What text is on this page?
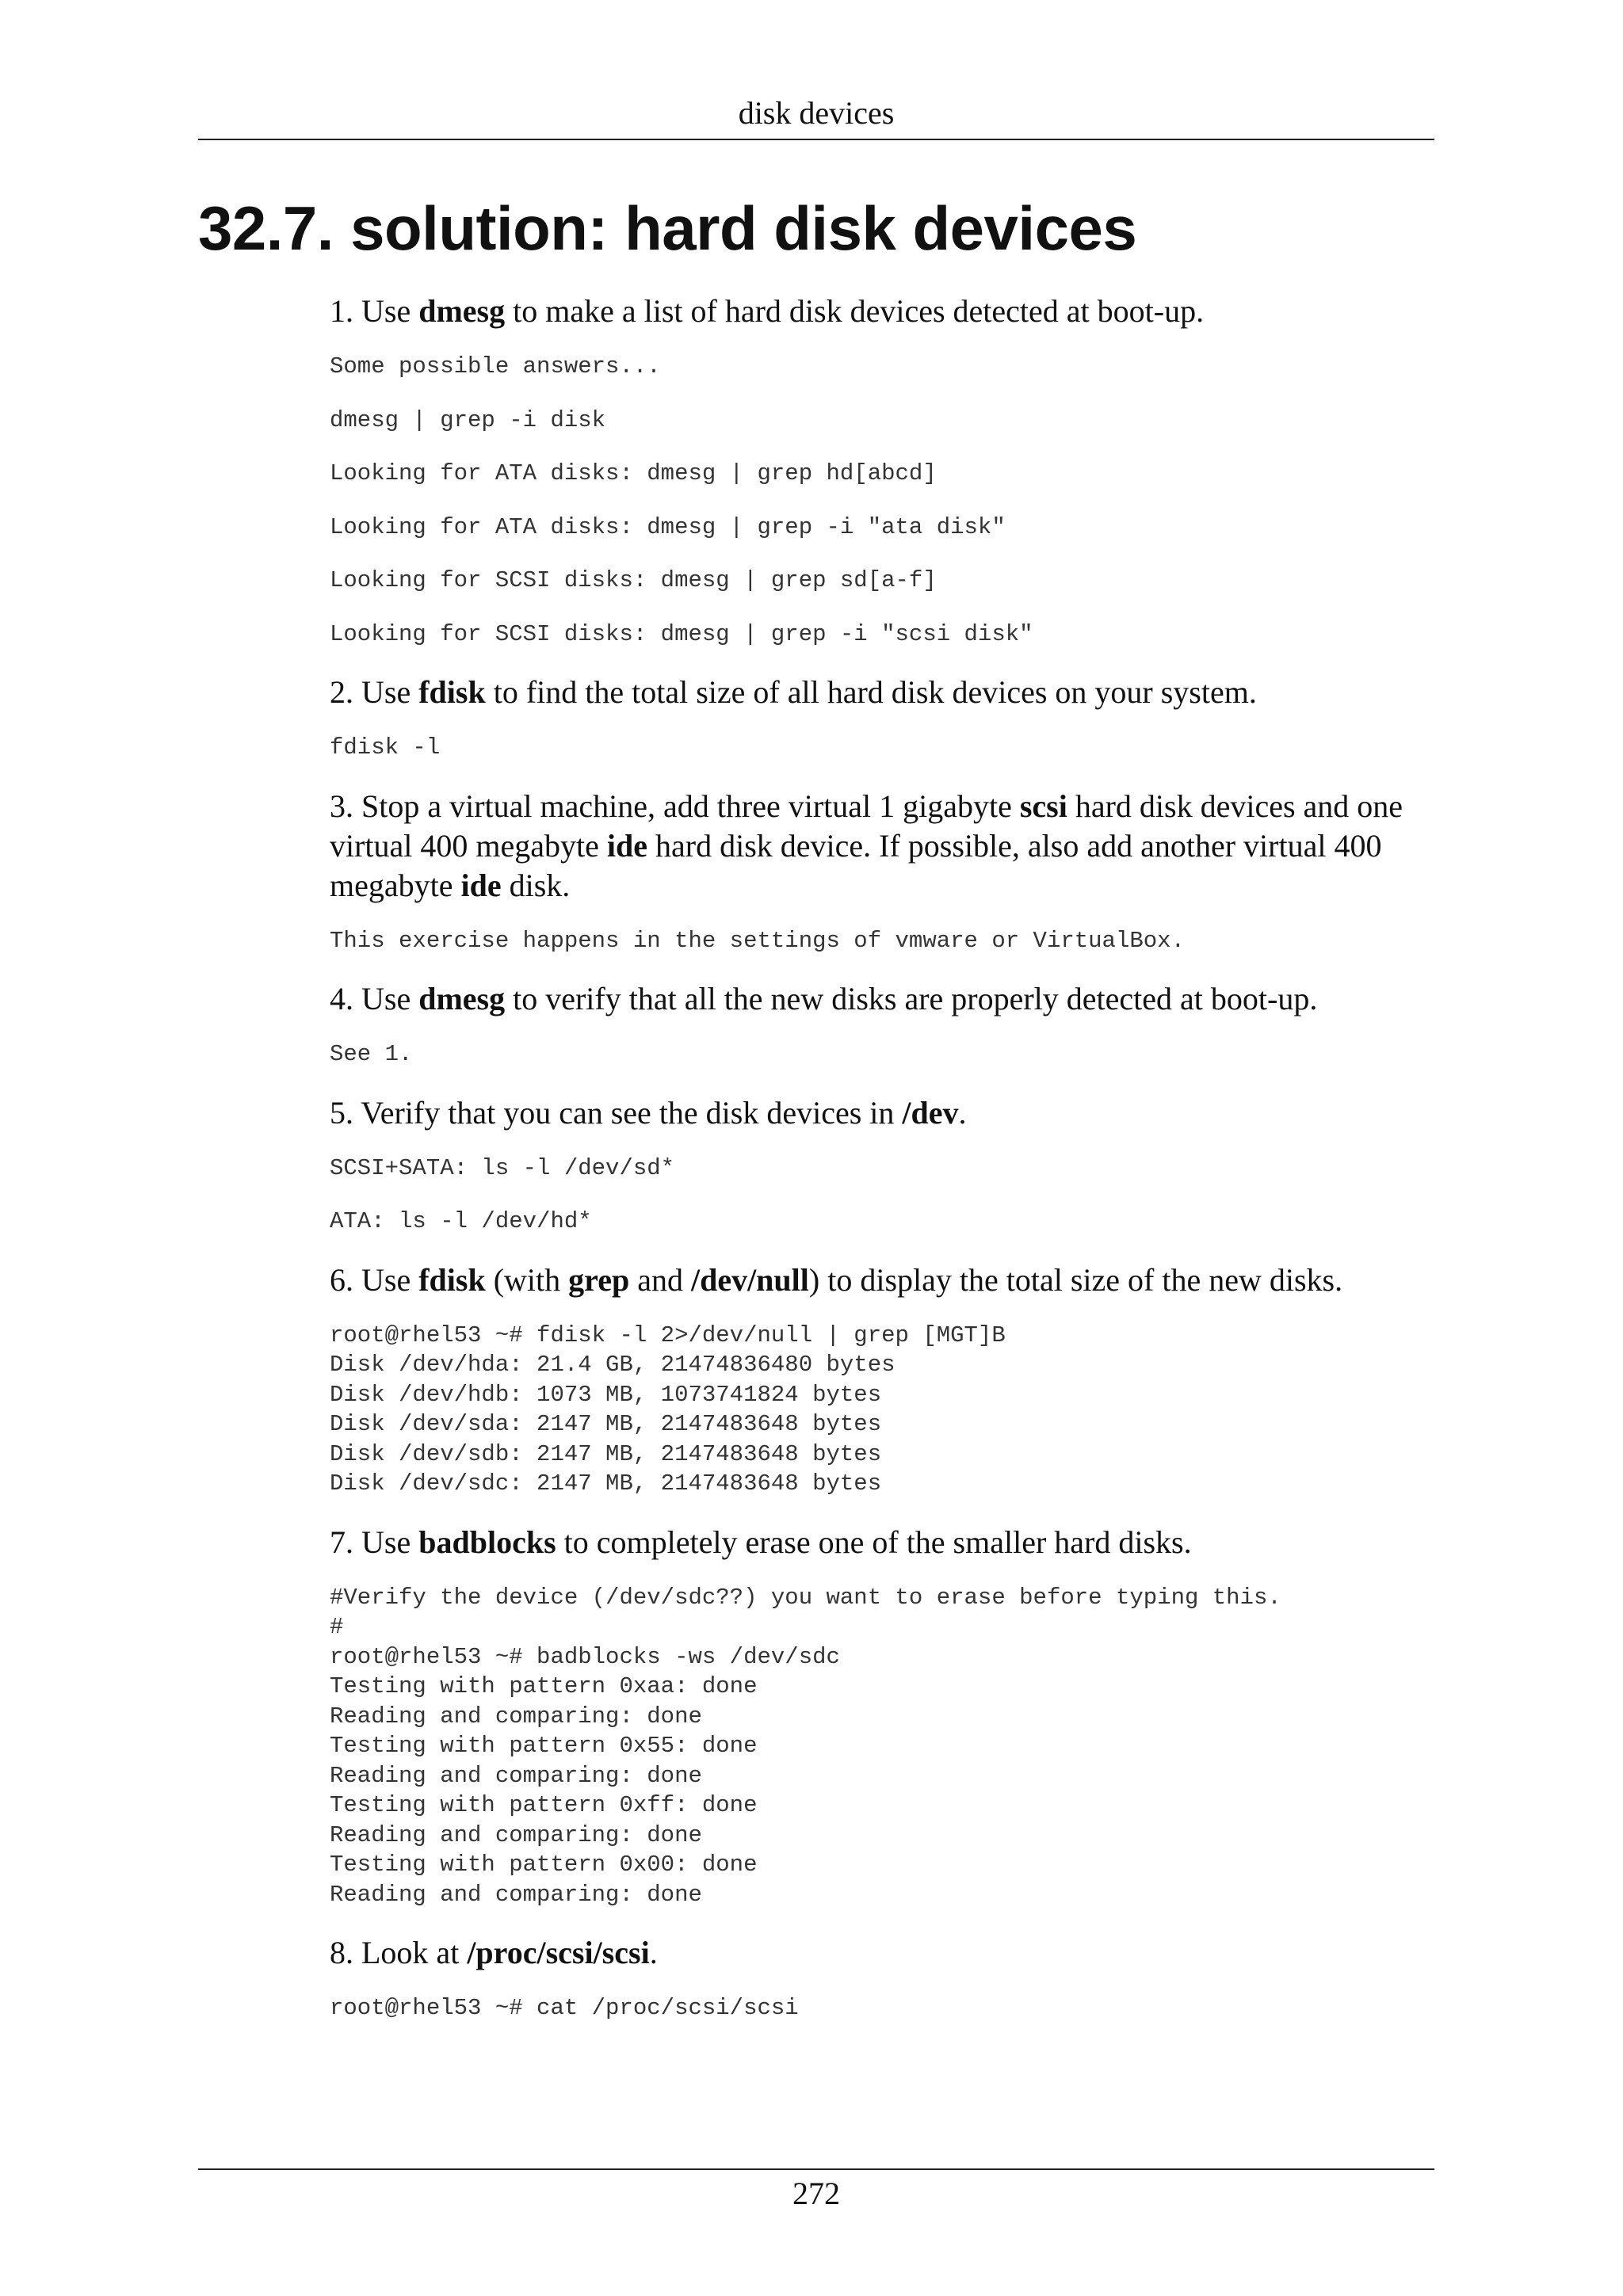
disk devices
32.7. solution: hard disk devices

1. Use dmesg to make a list of hard disk devices detected at boot-up.

Some possible answers...
dmesg | grep -i disk
Looking for ATA disks: dmesg | grep hd[abcd]
Looking for ATA disks: dmesg | grep -i "ata disk"
Looking for SCSI disks: dmesg | grep sd[a-f]
Looking for SCSI disks: dmesg | grep -i "scsi disk"

2. Use fdisk to find the total size of all hard disk devices on your system.

fdisk -l

3. Stop a virtual machine, add three virtual 1 gigabyte scsi hard disk devices and one virtual 400 megabyte ide hard disk device. If possible, also add another virtual 400 megabyte ide disk.

This exercise happens in the settings of vmware or VirtualBox.

4. Use dmesg to verify that all the new disks are properly detected at boot-up.

See 1.

5. Verify that you can see the disk devices in /dev.

SCSI+SATA: ls -l /dev/sd*
ATA: ls -l /dev/hd*

6. Use fdisk (with grep and /dev/null) to display the total size of the new disks.

root@rhel53 ~# fdisk -l 2>/dev/null | grep [MGT]B
Disk /dev/hda: 21.4 GB, 21474836480 bytes
Disk /dev/hdb: 1073 MB, 1073741824 bytes
Disk /dev/sda: 2147 MB, 2147483648 bytes
Disk /dev/sdb: 2147 MB, 2147483648 bytes
Disk /dev/sdc: 2147 MB, 2147483648 bytes

7. Use badblocks to completely erase one of the smaller hard disks.

#Verify the device (/dev/sdc??) you want to erase before typing this.
#
root@rhel53 ~# badblocks -ws /dev/sdc
Testing with pattern 0xaa: done
Reading and comparing: done
Testing with pattern 0x55: done
Reading and comparing: done
Testing with pattern 0xff: done
Reading and comparing: done
Testing with pattern 0x00: done
Reading and comparing: done

8. Look at /proc/scsi/scsi.

root@rhel53 ~# cat /proc/scsi/scsi
272
